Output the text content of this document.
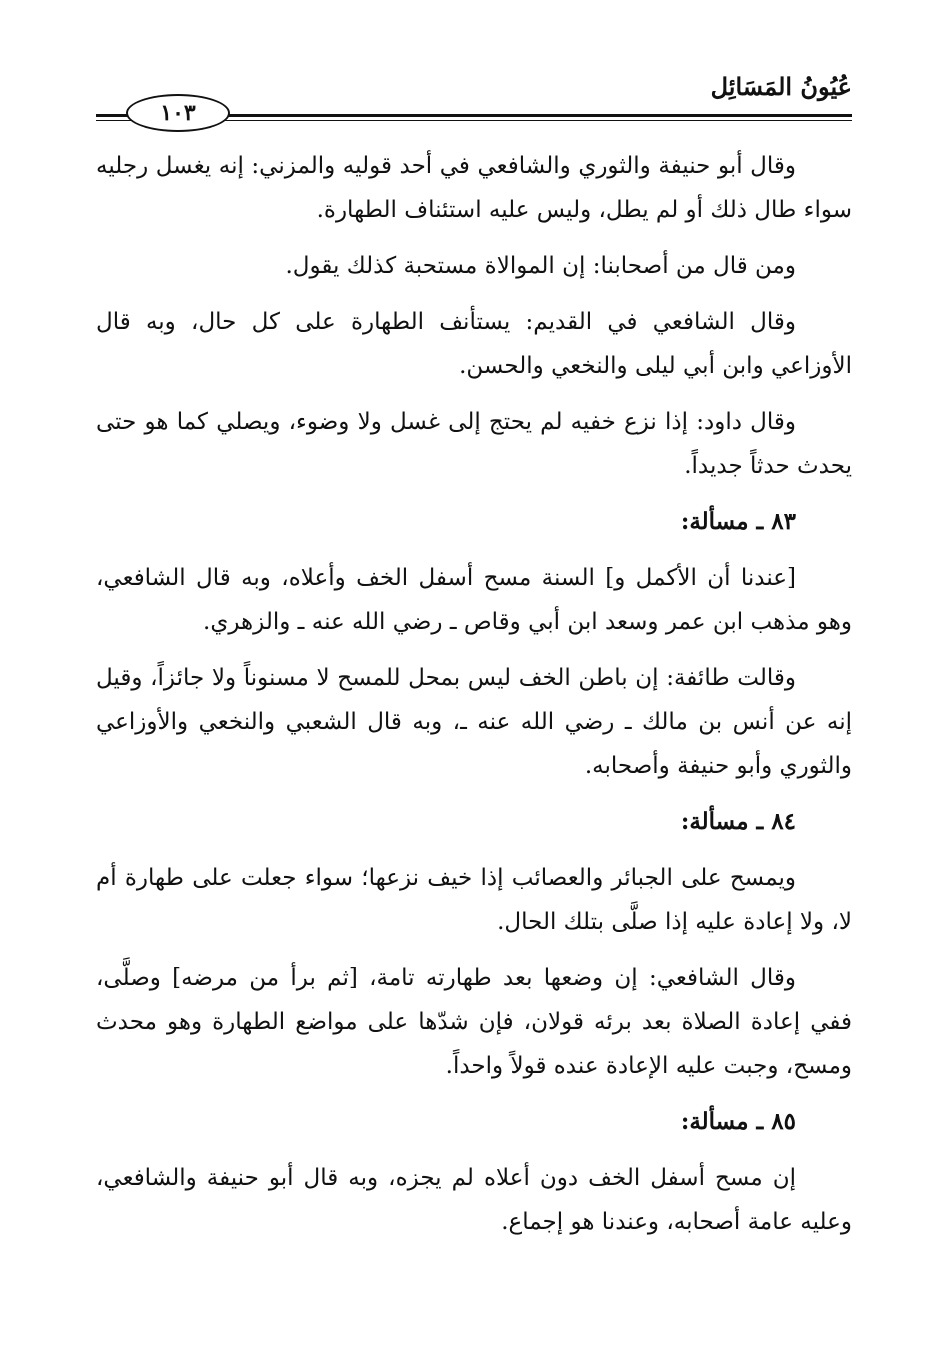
عُيُونُ المَسَائِل
١٠٣

وقال أبو حنيفة والثوري والشافعي في أحد قوليه والمزني: إنه يغسل رجليه سواء طال ذلك أو لم يطل، وليس عليه استئناف الطهارة.

ومن قال من أصحابنا: إن الموالاة مستحبة كذلك يقول.

وقال الشافعي في القديم: يستأنف الطهارة على كل حال، وبه قال الأوزاعي وابن أبي ليلى والنخعي والحسن.

وقال داود: إذا نزع خفيه لم يحتج إلى غسل ولا وضوء، ويصلي كما هو حتى يحدث حدثاً جديداً.

٨٣ ـ مسألة:

[عندنا أن الأكمل و] السنة مسح أسفل الخف وأعلاه، وبه قال الشافعي، وهو مذهب ابن عمر وسعد ابن أبي وقاص ـ رضي الله عنه ـ والزهري.

وقالت طائفة: إن باطن الخف ليس بمحل للمسح لا مسنوناً ولا جائزاً، وقيل إنه عن أنس بن مالك ـ رضي الله عنه ـ، وبه قال الشعبي والنخعي والأوزاعي والثوري وأبو حنيفة وأصحابه.

٨٤ ـ مسألة:

ويمسح على الجبائر والعصائب إذا خيف نزعها؛ سواء جعلت على طهارة أم لا، ولا إعادة عليه إذا صلَّى بتلك الحال.

وقال الشافعي: إن وضعها بعد طهارته تامة، [ثم برأ من مرضه] وصلَّى، ففي إعادة الصلاة بعد برئه قولان، فإن شدّها على مواضع الطهارة وهو محدث ومسح، وجبت عليه الإعادة عنده قولاً واحداً.

٨٥ ـ مسألة:

إن مسح أسفل الخف دون أعلاه لم يجزه، وبه قال أبو حنيفة والشافعي، وعليه عامة أصحابه، وعندنا هو إجماع.
